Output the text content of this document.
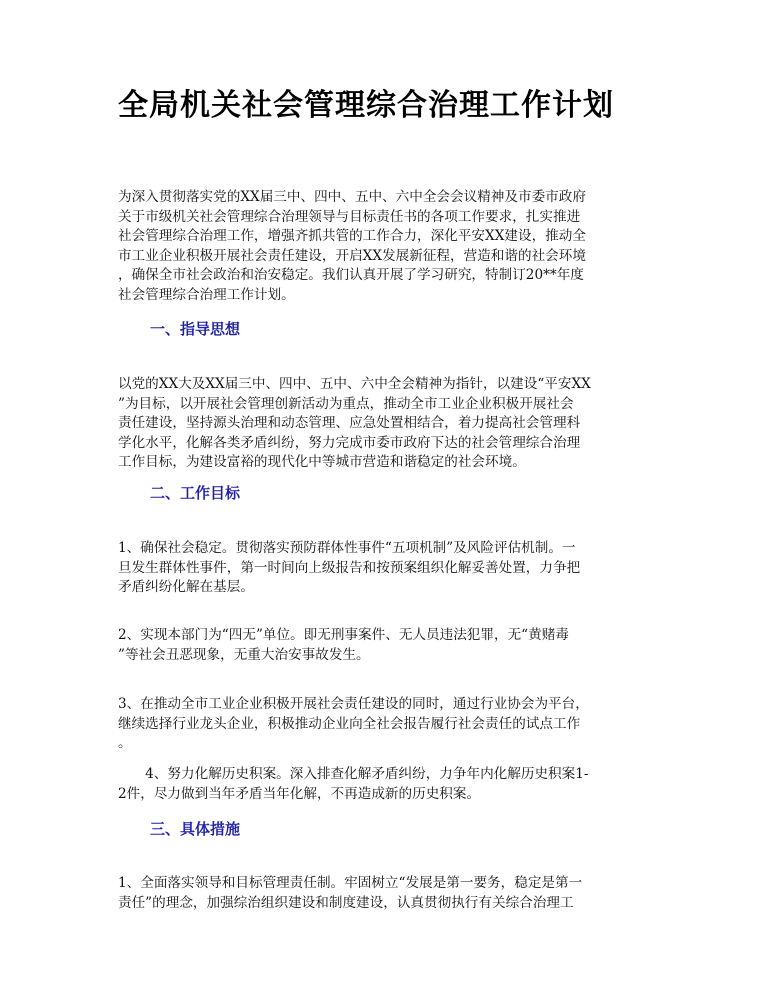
全局机关社会管理综合治理工作计划

为深入贯彻落实党的XX届三中、四中、五中、六中全会会议精神及市委市政府
关于市级机关社会管理综合治理领导与目标责任书的各项工作要求，扎实推进
社会管理综合治理工作，增强齐抓共管的工作合力，深化平安XX建设，推动全
市工业企业积极开展社会责任建设，开启XX发展新征程，营造和谐的社会环境
，确保全市社会政治和治安稳定。我们认真开展了学习研究，特制订20**年度
社会管理综合治理工作计划。

一、指导思想

以党的XX大及XX届三中、四中、五中、六中全会精神为指针，以建设“平安XX
”为目标，以开展社会管理创新活动为重点，推动全市工业企业积极开展社会
责任建设，坚持源头治理和动态管理、应急处置相结合，着力提高社会管理科
学化水平，化解各类矛盾纠纷，努力完成市委市政府下达的社会管理综合治理
工作目标，为建设富裕的现代化中等城市营造和谐稳定的社会环境。

二、工作目标

1、确保社会稳定。贯彻落实预防群体性事件“五项机制”及风险评估机制。一
旦发生群体性事件，第一时间向上级报告和按预案组织化解妥善处置，力争把
矛盾纠纷化解在基层。

2、实现本部门为“四无”单位。即无刑事案件、无人员违法犯罪，无“黄赌毒
”等社会丑恶现象，无重大治安事故发生。

3、在推动全市工业企业积极开展社会责任建设的同时，通过行业协会为平台，
继续选择行业龙头企业，积极推动企业向全社会报告履行社会责任的试点工作
。

　　4、努力化解历史积案。深入排查化解矛盾纠纷，力争年内化解历史积案1-
2件，尽力做到当年矛盾当年化解，不再造成新的历史积案。

三、具体措施

1、全面落实领导和目标管理责任制。牢固树立“发展是第一要务，稳定是第一
责任”的理念，加强综治组织建设和制度建设，认真贯彻执行有关综合治理工
